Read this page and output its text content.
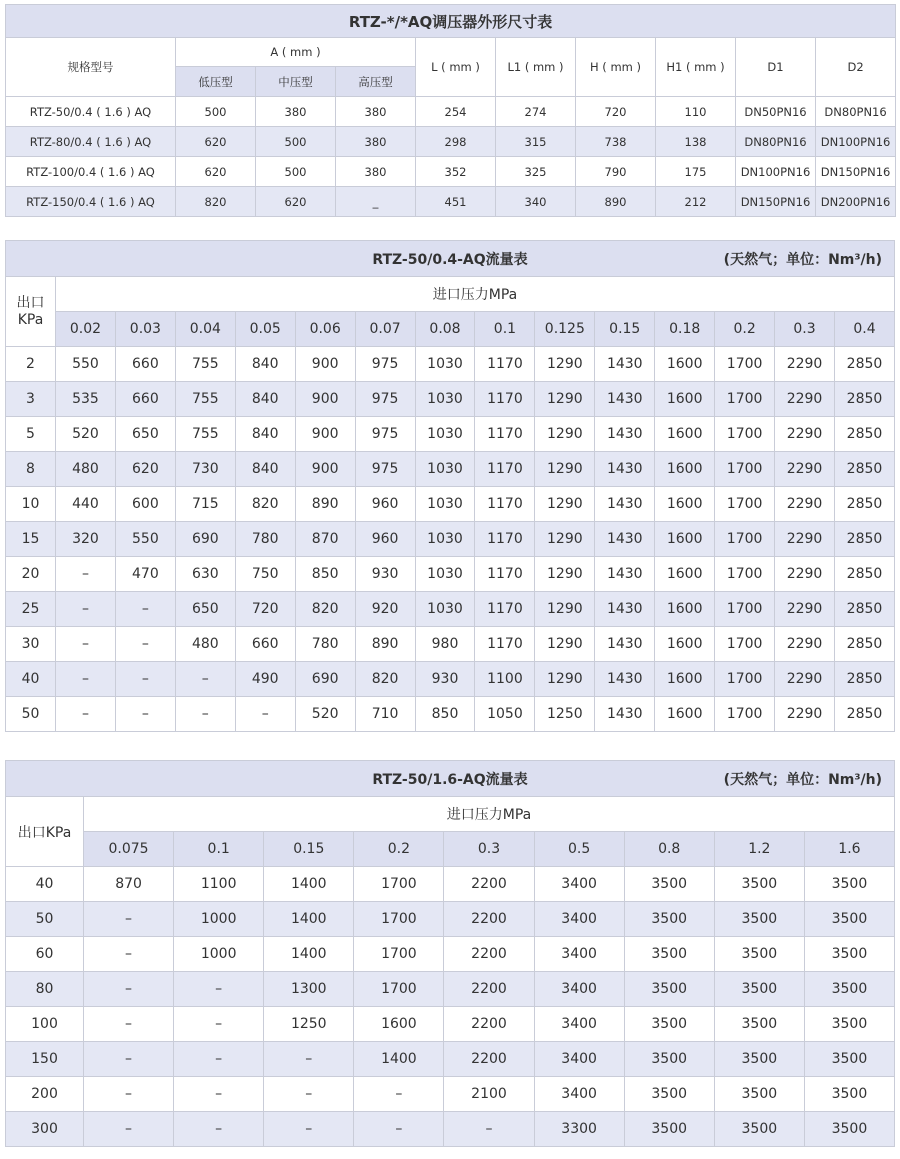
RTZ-*/*AQ调压器外形尺寸表									
规格型号	A ( mm )			L ( mm )	L1 ( mm )	H ( mm )	H1 ( mm )	D1	D2
	低压型	中压型	高压型						
RTZ-50/0.4 ( 1.6 ) AQ	500	380	380	254	274	720	110	DN50PN16	DN80PN16
RTZ-80/0.4 ( 1.6 ) AQ	620	500	380	298	315	738	138	DN80PN16	DN100PN16
RTZ-100/0.4 ( 1.6 ) AQ	620	500	380	352	325	790	175	DN100PN16	DN150PN16
RTZ-150/0.4 ( 1.6 ) AQ	820	620	_	451	340	890	212	DN150PN16	DN200PN16
RTZ-50/0.4-AQ流量表 (天然气；单位：Nm³/h)														

出口
KPa	进口压力MPa													
	0.02	0.03	0.04	0.05	0.06	0.07	0.08	0.1	0.125	0.15	0.18	0.2	0.3	0.4
2	550	660	755	840	900	975	1030	1170	1290	1430	1600	1700	2290	2850
3	535	660	755	840	900	975	1030	1170	1290	1430	1600	1700	2290	2850
5	520	650	755	840	900	975	1030	1170	1290	1430	1600	1700	2290	2850
8	480	620	730	840	900	975	1030	1170	1290	1430	1600	1700	2290	2850
10	440	600	715	820	890	960	1030	1170	1290	1430	1600	1700	2290	2850
15	320	550	690	780	870	960	1030	1170	1290	1430	1600	1700	2290	2850
20	–	470	630	750	850	930	1030	1170	1290	1430	1600	1700	2290	2850
25	–	–	650	720	820	920	1030	1170	1290	1430	1600	1700	2290	2850
30	–	–	480	660	780	890	980	1170	1290	1430	1600	1700	2290	2850
40	–	–	–	490	690	820	930	1100	1290	1430	1600	1700	2290	2850
50	–	–	–	–	520	710	850	1050	1250	1430	1600	1700	2290	2850
RTZ-50/1.6-AQ流量表 (天然气；单位：Nm³/h)									

出口KPa	进口压力MPa								
	0.075	0.1	0.15	0.2	0.3	0.5	0.8	1.2	1.6
40	870	1100	1400	1700	2200	3400	3500	3500	3500
50	–	1000	1400	1700	2200	3400	3500	3500	3500
60	–	1000	1400	1700	2200	3400	3500	3500	3500
80	–	–	1300	1700	2200	3400	3500	3500	3500
100	–	–	1250	1600	2200	3400	3500	3500	3500
150	–	–	–	1400	2200	3400	3500	3500	3500
200	–	–	–	–	2100	3400	3500	3500	3500
300	–	–	–	–	–	3300	3500	3500	3500
